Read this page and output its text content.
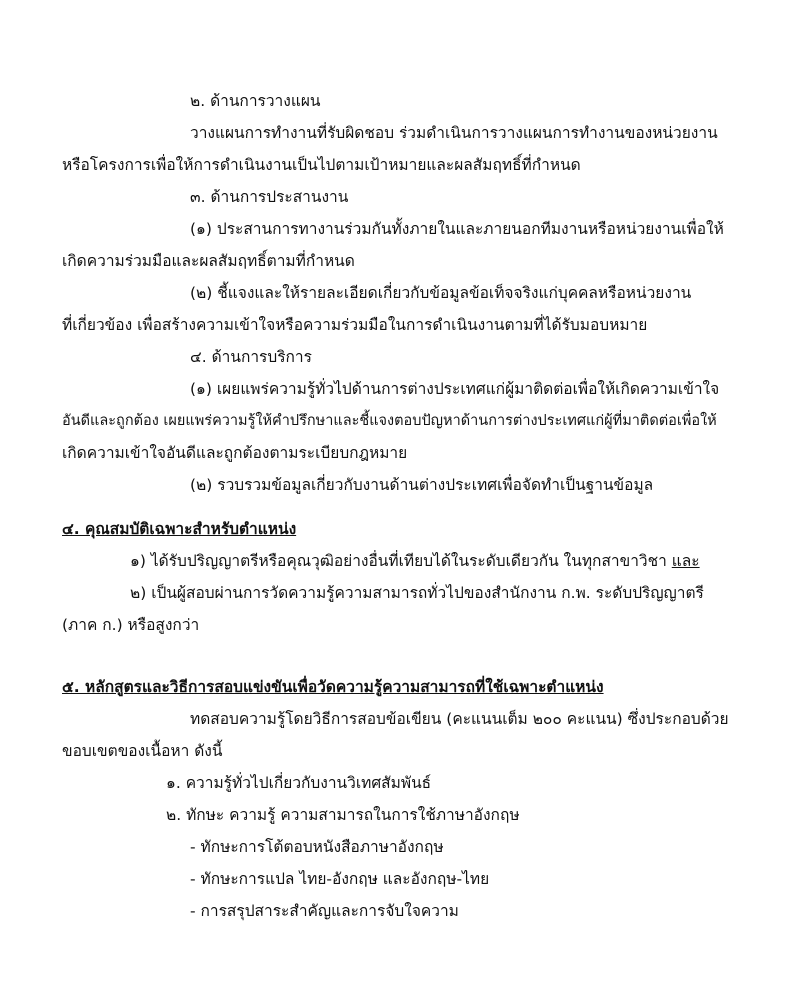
๒. ด้านการวางแผน
วางแผนการทำงานที่รับผิดชอบ ร่วมดำเนินการวางแผนการทำงานของหน่วยงาน
หรือโครงการเพื่อให้การดำเนินงานเป็นไปตามเป้าหมายและผลสัมฤทธิ์ที่กำหนด
๓. ด้านการประสานงาน
(๑) ประสานการทางานร่วมกันทั้งภายในและภายนอกทีมงานหรือหน่วยงานเพื่อให้
เกิดความร่วมมือและผลสัมฤทธิ์ตามที่กำหนด
(๒) ชี้แจงและให้รายละเอียดเกี่ยวกับข้อมูลข้อเท็จจริงแก่บุคคลหรือหน่วยงาน
ที่เกี่ยวข้อง เพื่อสร้างความเข้าใจหรือความร่วมมือในการดำเนินงานตามที่ได้รับมอบหมาย
๔. ด้านการบริการ
(๑) เผยแพร่ความรู้ทั่วไปด้านการต่างประเทศแก่ผู้มาติดต่อเพื่อให้เกิดความเข้าใจ
อันดีและถูกต้อง เผยแพร่ความรู้ให้คำปรึกษาและชี้แจงตอบปัญหาด้านการต่างประเทศแก่ผู้ที่มาติดต่อเพื่อให้
เกิดความเข้าใจอันดีและถูกต้องตามระเบียบกฎหมาย
(๒) รวบรวมข้อมูลเกี่ยวกับงานด้านต่างประเทศเพื่อจัดทำเป็นฐานข้อมูล
๔. คุณสมบัติเฉพาะสำหรับตำแหน่ง
๑) ได้รับปริญญาตรีหรือคุณวุฒิอย่างอื่นที่เทียบได้ในระดับเดียวกัน ในทุกสาขาวิชา และ
๒) เป็นผู้สอบผ่านการวัดความรู้ความสามารถทั่วไปของสำนักงาน ก.พ. ระดับปริญญาตรี
(ภาค ก.) หรือสูงกว่า
๕. หลักสูตรและวิธีการสอบแข่งขันเพื่อวัดความรู้ความสามารถที่ใช้เฉพาะตำแหน่ง
ทดสอบความรู้โดยวิธีการสอบข้อเขียน (คะแนนเต็ม ๒๐๐ คะแนน) ซึ่งประกอบด้วย
ขอบเขตของเนื้อหา ดังนี้
๑. ความรู้ทั่วไปเกี่ยวกับงานวิเทศสัมพันธ์
๒. ทักษะ ความรู้ ความสามารถในการใช้ภาษาอังกฤษ
- ทักษะการโต้ตอบหนังสือภาษาอังกฤษ
- ทักษะการแปล ไทย-อังกฤษ และอังกฤษ-ไทย
- การสรุปสาระสำคัญและการจับใจความ
